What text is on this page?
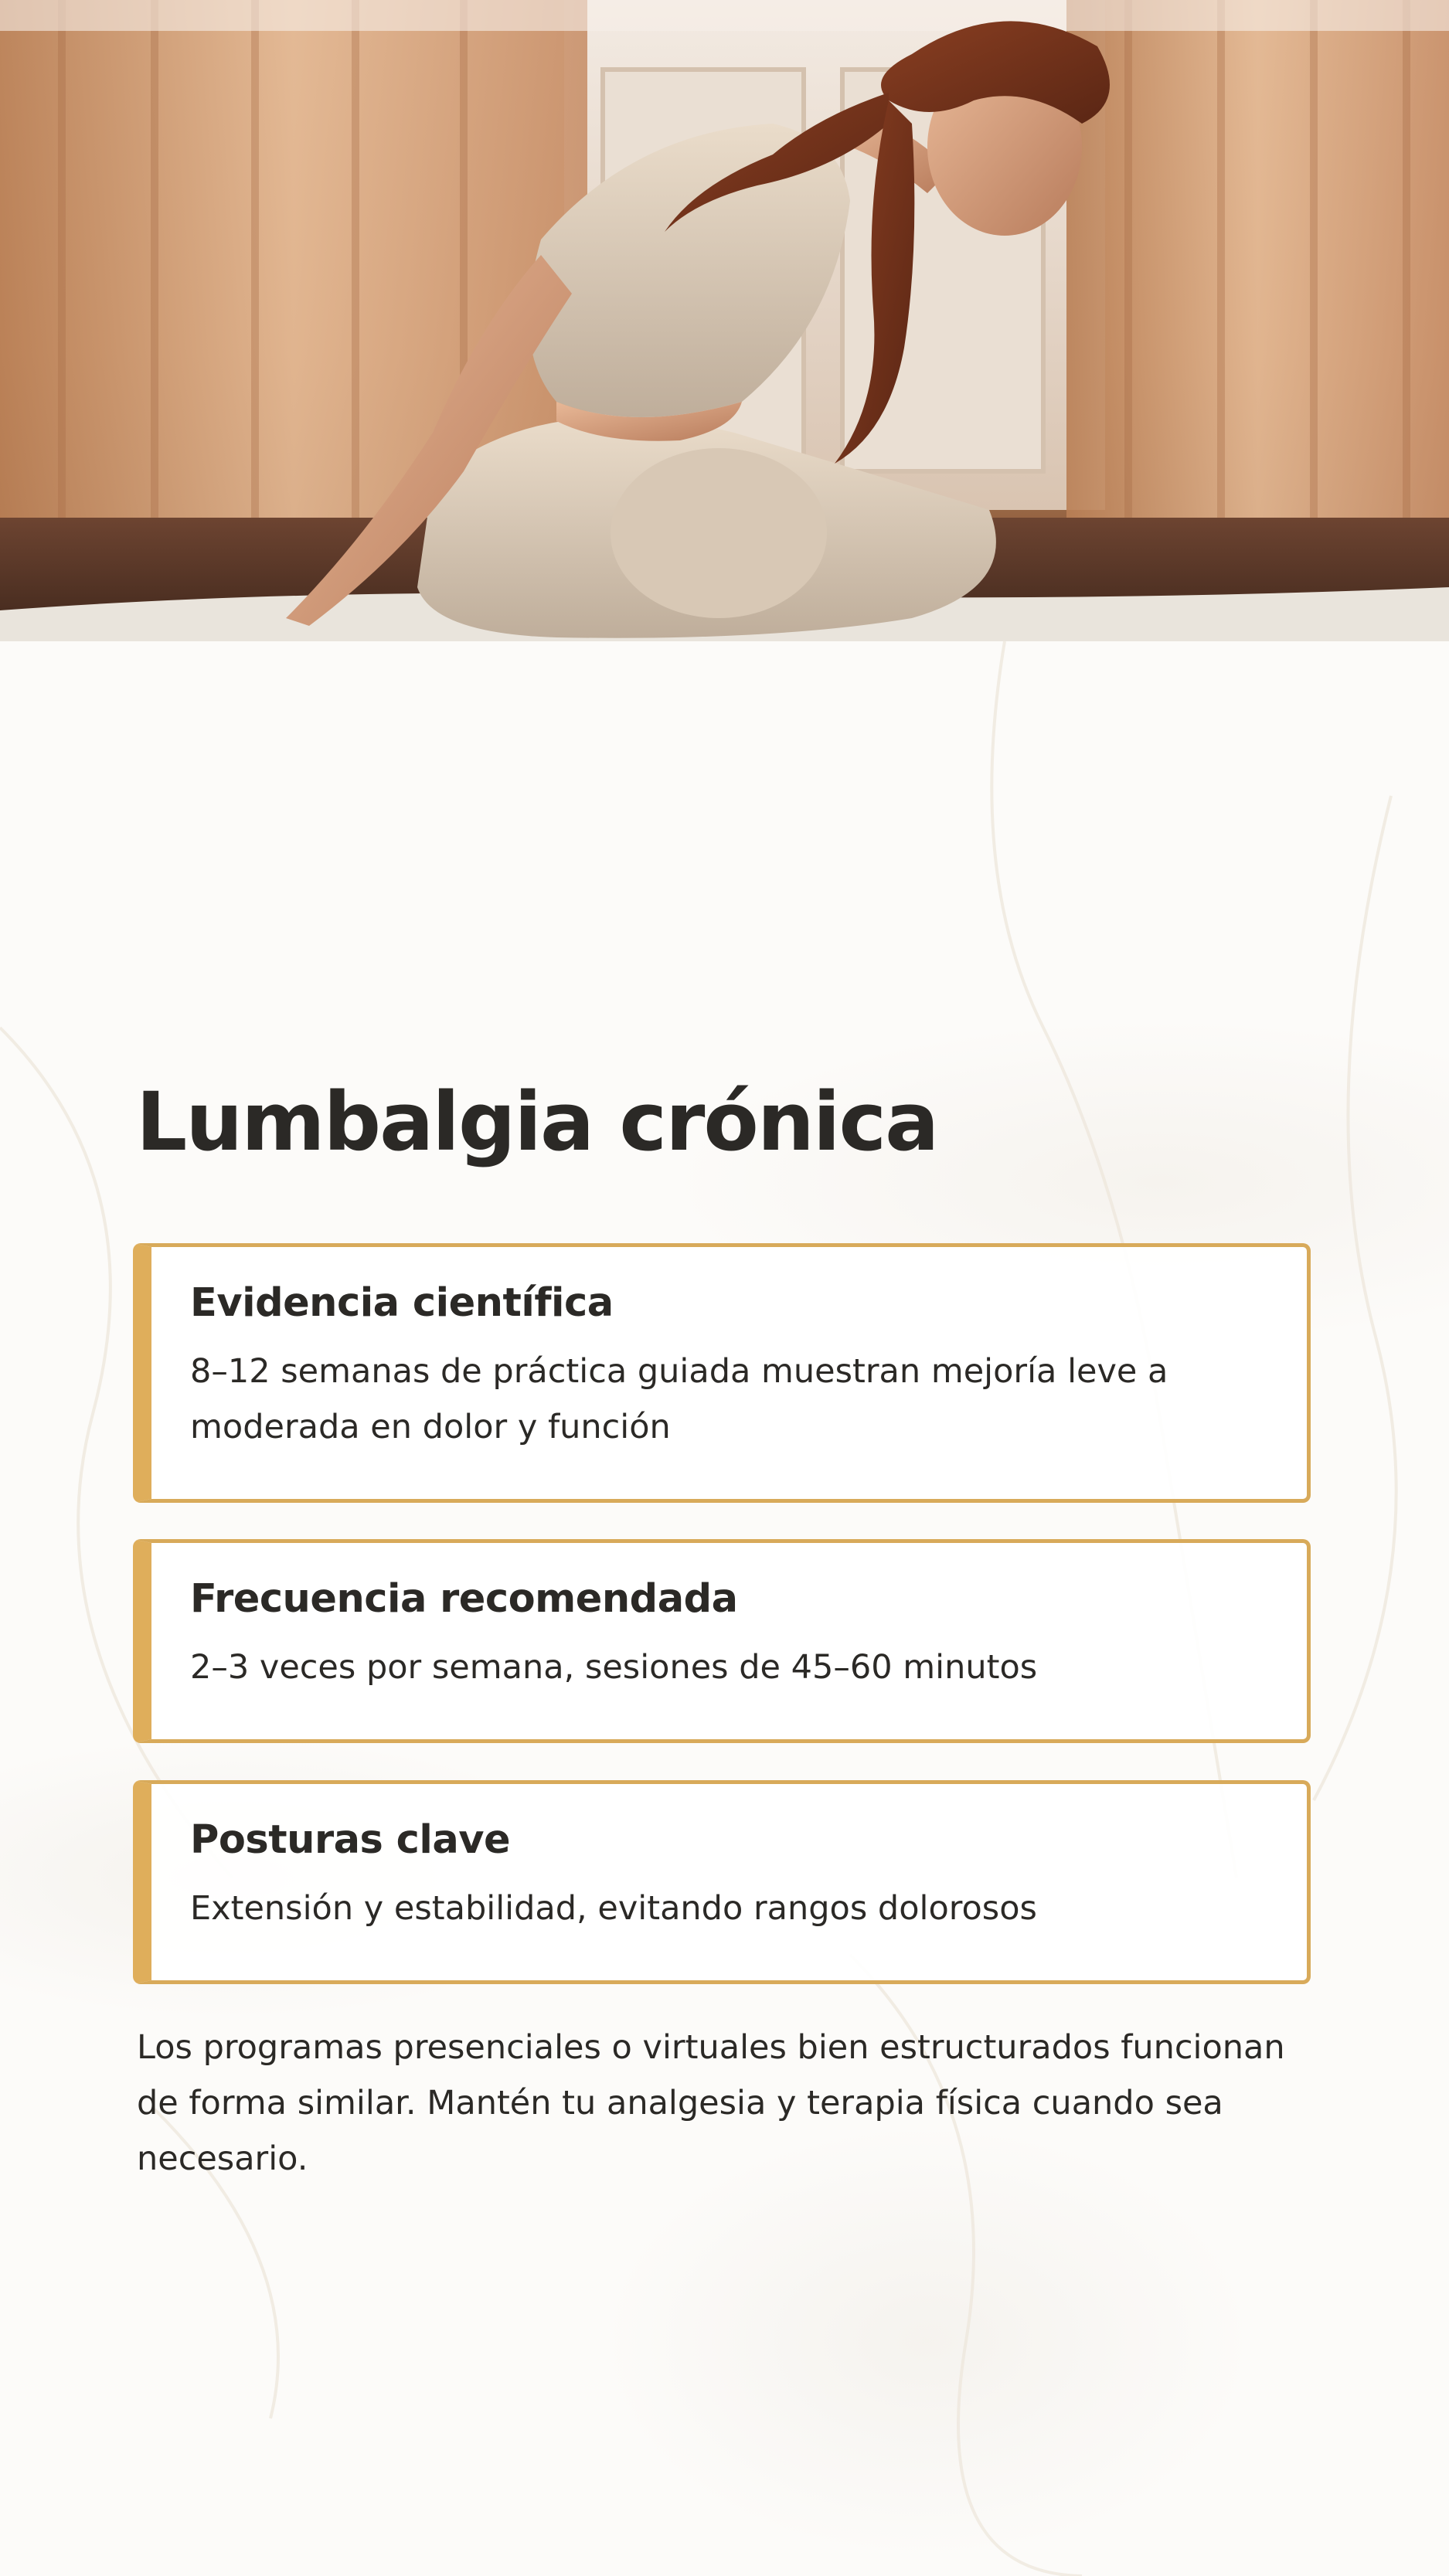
Lumbalgia crónica
Evidencia científica

8–12 semanas de práctica guiada muestran mejoría leve a moderada en dolor y función

Frecuencia recomendada

2–3 veces por semana, sesiones de 45–60 minutos

Posturas clave

Extensión y estabilidad, evitando rangos dolorosos

Los programas presenciales o virtuales bien estructurados funcionan de forma similar. Mantén tu analgesia y terapia física cuando sea necesario.
